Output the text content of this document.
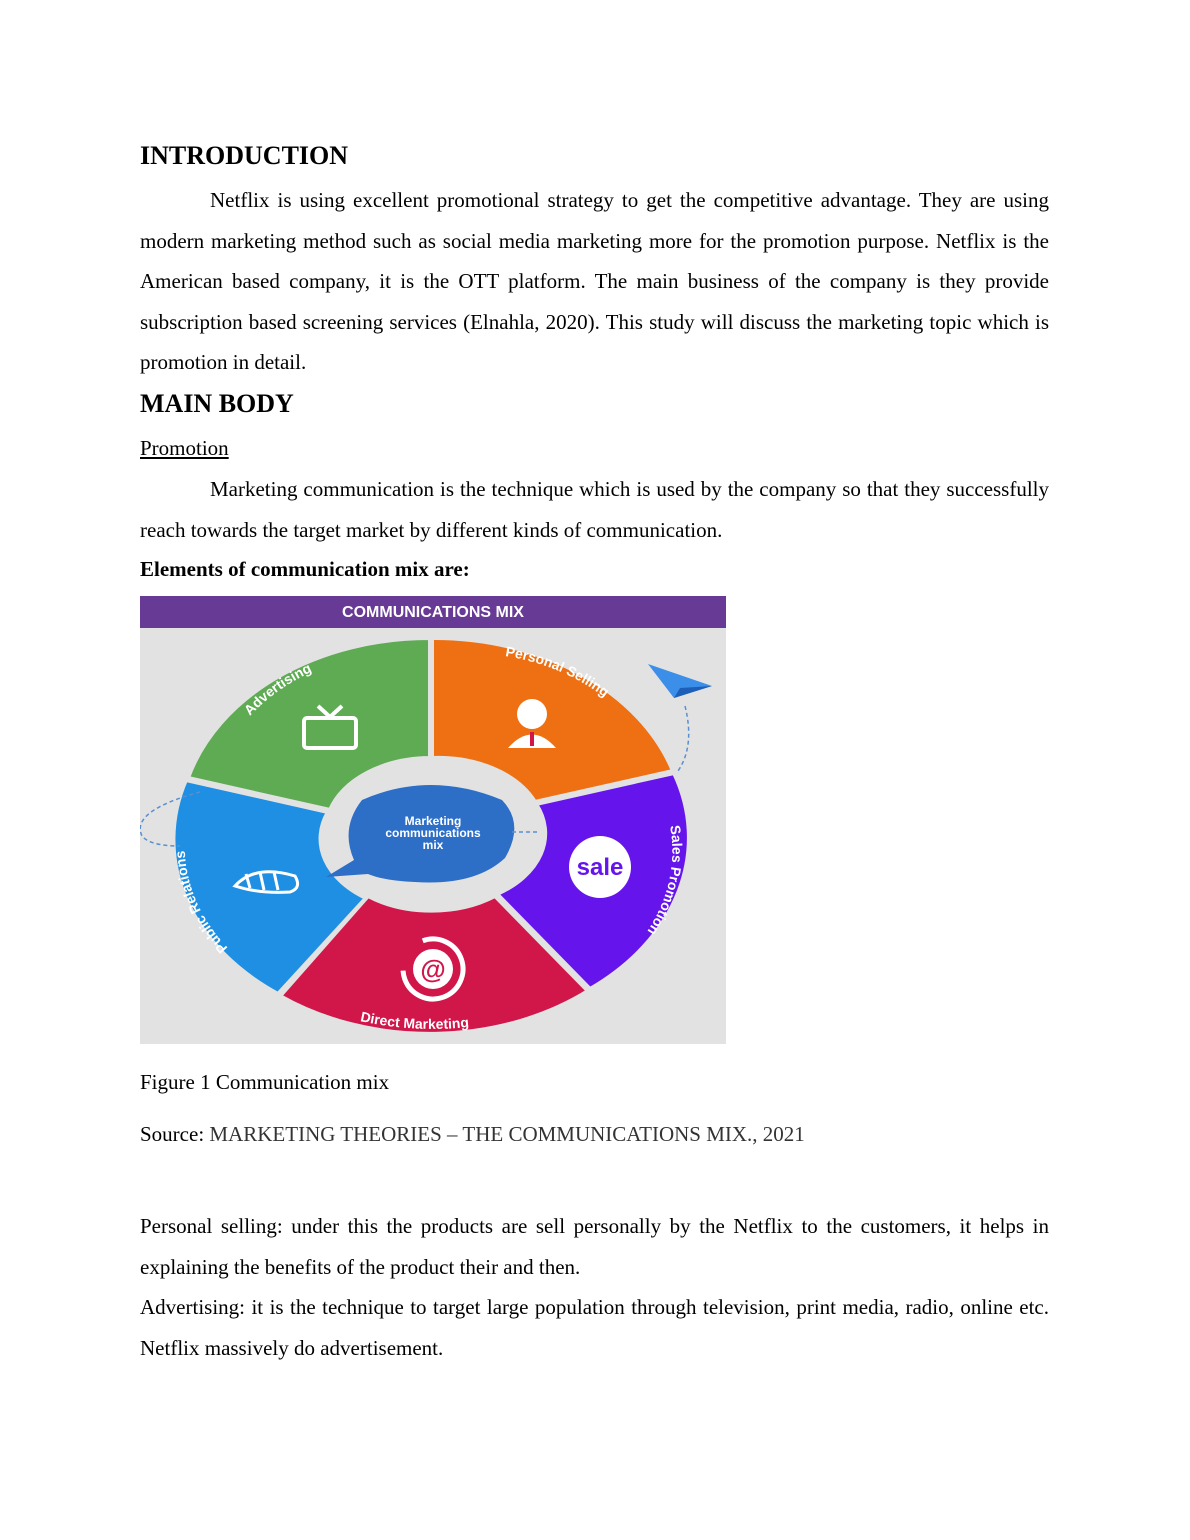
INTRODUCTION

Netflix is using excellent promotional strategy to get the competitive advantage. They are using modern marketing method such as social media marketing more for the promotion purpose. Netflix is the American based company, it is the OTT platform. The main business of the company is they provide subscription based screening services (Elnahla, 2020). This study will discuss the marketing topic which is promotion in detail.

MAIN BODY
Promotion

Marketing communication is the technique which is used by the company so that they successfully reach towards the target market by different kinds of communication.

Elements of communication mix are:
COMMUNICATIONS MIX
Advertising
Personal Selling
Sales Promotion
Direct Marketing
Public Relations	sale
@
Marketing
communications
mix
Figure 1 Communication mix
Source: MARKETING THEORIES – THE COMMUNICATIONS MIX., 2021

Personal selling: under this the products are sell personally by the Netflix to the customers, it helps in explaining the benefits of the product their and then.

Advertising: it is the technique to target large population through television, print media, radio, online etc. Netflix massively do advertisement.
